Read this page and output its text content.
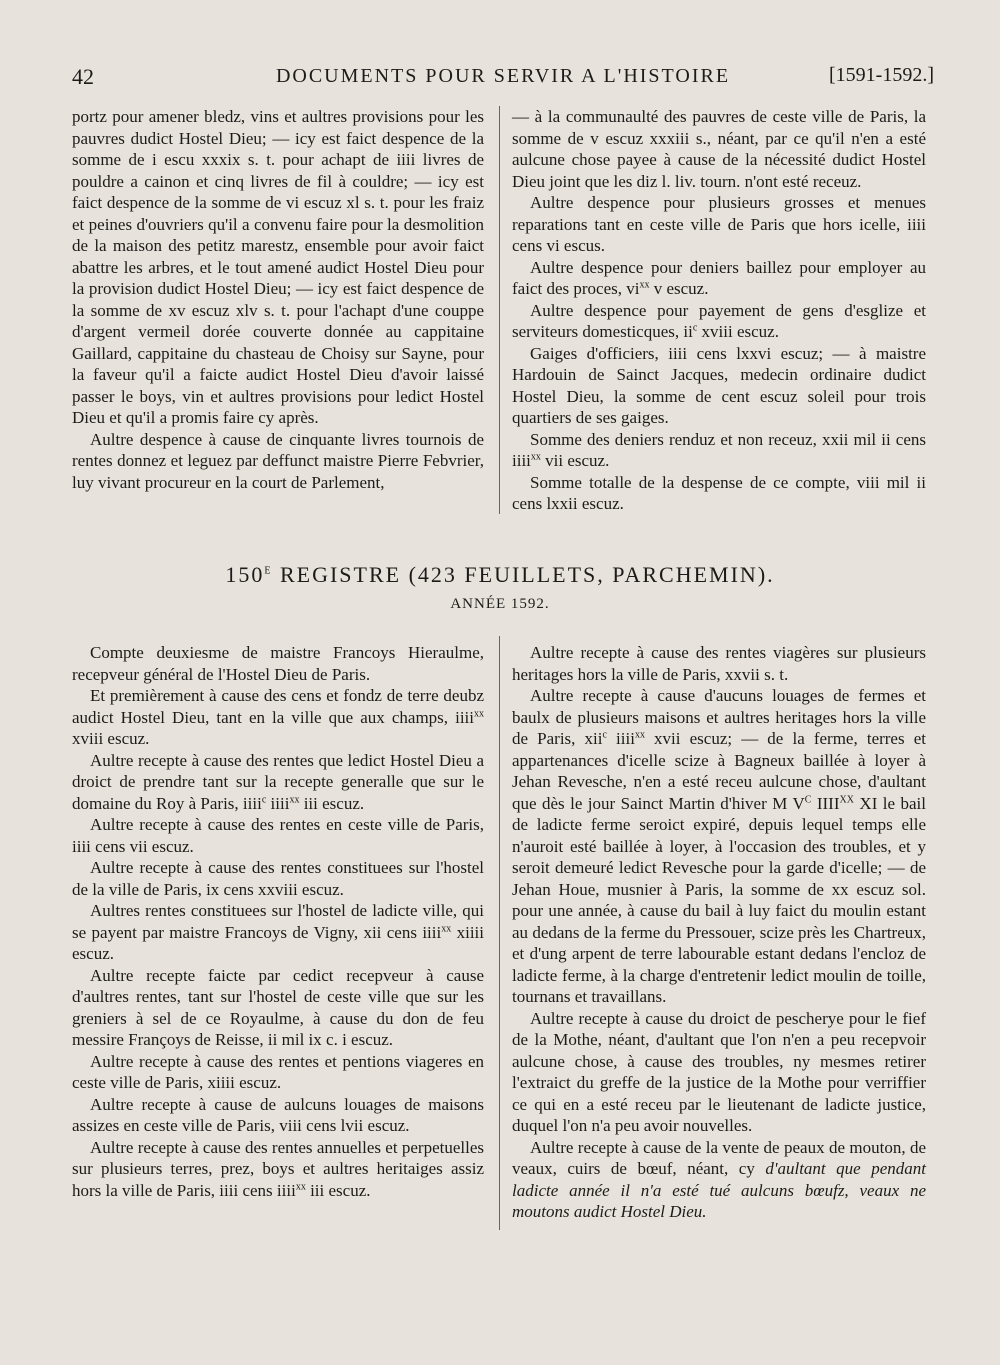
42	DOCUMENTS POUR SERVIR A L'HISTOIRE	[1591-1592.]

portz pour amener bledz, vins et aultres provisions pour les pauvres dudict Hostel Dieu; — icy est faict despence de la somme de i escu xxxix s. t. pour achapt de iiii livres de pouldre a cainon et cinq livres de fil à couldre; — icy est faict despence de la somme de vi escuz xl s. t. pour les fraiz et peines d'ouvriers qu'il a convenu faire pour la desmolition de la maison des petitz marestz, ensemble pour avoir faict abattre les arbres, et le tout amené audict Hostel Dieu pour la provision dudict Hostel Dieu; — icy est faict despence de la somme de xv escuz xlv s. t. pour l'achapt d'une couppe d'argent vermeil dorée couverte donnée au cappitaine Gaillard, cappitaine du chasteau de Choisy sur Sayne, pour la faveur qu'il a faicte audict Hostel Dieu d'avoir laissé passer le boys, vin et aultres provisions pour ledict Hostel Dieu et qu'il a promis faire cy après.

Aultre despence à cause de cinquante livres tournois de rentes donnez et leguez par deffunct maistre Pierre Febvrier, luy vivant procureur en la court de Parlement,

— à la communaulté des pauvres de ceste ville de Paris, la somme de v escuz xxxiii s., néant, par ce qu'il n'en a esté aulcune chose payee à cause de la nécessité dudict Hostel Dieu joint que les diz l. liv. tourn. n'ont esté receuz.

Aultre despence pour plusieurs grosses et menues reparations tant en ceste ville de Paris que hors icelle, iiii cens vi escus.

Aultre despence pour deniers baillez pour employer au faict des proces, $vi^{xx}$ v escuz.

Aultre despence pour payement de gens d'esglize et serviteurs domesticques, $ii^c$ xviii escuz.

Gaiges d'officiers, iiii cens lxxvi escuz; — à maistre Hardouin de Sainct Jacques, medecin ordinaire dudict Hostel Dieu, la somme de cent escuz soleil pour trois quartiers de ses gaiges.

Somme des deniers renduz et non receuz, xxii mil ii cens iiii$^{xx}$ vii escuz.

Somme totalle de la despense de ce compte, viii mil ii cens lxxii escuz.

$150^E$ REGISTRE (423 FEUILLETS, PARCHEMIN).
ANNÉE 1592.

Compte deuxiesme de maistre Francoys Hieraulme, recepveur général de l'Hostel Dieu de Paris.

Et premièrement à cause des cens et fondz de terre deubz audict Hostel Dieu, tant en la ville que aux champs, iiii$^{xx}$ xviii escuz.

Aultre recepte à cause des rentes que ledict Hostel Dieu a droict de prendre tant sur la recepte generalle que sur le domaine du Roy à Paris, iiii$^c$ iiii$^{xx}$ iii escuz.

Aultre recepte à cause des rentes en ceste ville de Paris, iiii cens vii escuz.

Aultre recepte à cause des rentes constituees sur l'hostel de la ville de Paris, ix cens xxviii escuz.

Aultres rentes constituees sur l'hostel de ladicte ville, qui se payent par maistre Francoys de Vigny, xii cens iiii$^{xx}$ xiiii escuz.

Aultre recepte faicte par cedict recepveur à cause d'aultres rentes, tant sur l'hostel de ceste ville que sur les greniers à sel de ce Royaulme, à cause du don de feu messire Françoys de Reisse, ii mil ix c. i escuz.

Aultre recepte à cause des rentes et pentions viageres en ceste ville de Paris, xiiii escuz.

Aultre recepte à cause de aulcuns louages de maisons assizes en ceste ville de Paris, viii cens lvii escuz.

Aultre recepte à cause des rentes annuelles et perpetuelles sur plusieurs terres, prez, boys et aultres heritaiges assiz hors la ville de Paris, iiii cens iiii$^{xx}$ iii escuz.

Aultre recepte à cause des rentes viagères sur plusieurs heritages hors la ville de Paris, xxvii s. t.

Aultre recepte à cause d'aucuns louages de fermes et baulx de plusieurs maisons et aultres heritages hors la ville de Paris, xii$^c$ iiii$^{xx}$ xvii escuz; — de la ferme, terres et appartenances d'icelle scize à Bagneux baillée à loyer à Jehan Revesche, n'en a esté receu aulcune chose, d'aultant que dès le jour Sainct Martin d'hiver M $V^C$ $IIII^{XX}$ XI le bail de ladicte ferme seroict expiré, depuis lequel temps elle n'auroit esté baillée à loyer, à l'occasion des troubles, et y seroit demeuré ledict Revesche pour la garde d'icelle; — de Jehan Houe, musnier à Paris, la somme de xx escuz sol. pour une année, à cause du bail à luy faict du moulin estant au dedans de la ferme du Pressouer, scize près les Chartreux, et d'ung arpent de terre labourable estant dedans l'encloz de ladicte ferme, à la charge d'entretenir ledict moulin de toille, tournans et travaillans.

Aultre recepte à cause du droict de pescherye pour le fief de la Mothe, néant, d'aultant que l'on n'en a peu recepvoir aulcune chose, à cause des troubles, ny mesmes retirer l'extraict du greffe de la justice de la Mothe pour verriffier ce qui en a esté receu par le lieutenant de ladicte justice, duquel l'on n'a peu avoir nouvelles.

Aultre recepte à cause de la vente de peaux de mouton, de veaux, cuirs de bœuf, néant, cy d'aultant que pendant ladicte année il n'a esté tué aulcuns bœufz, veaux ne moutons audict Hostel Dieu.
